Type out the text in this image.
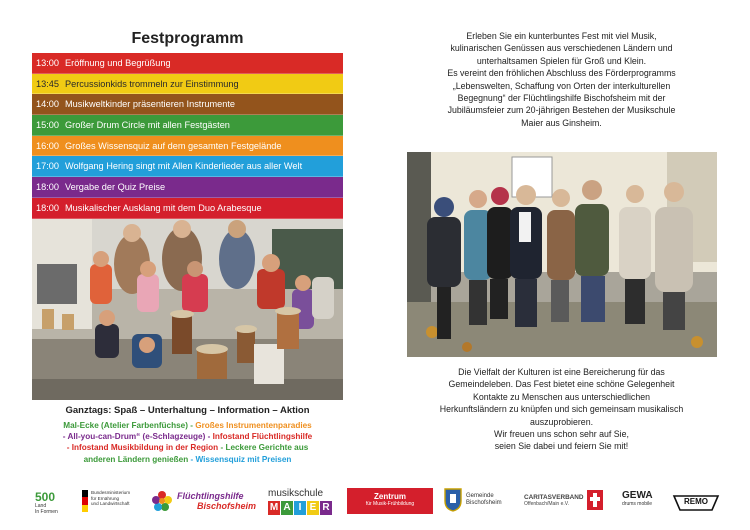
Festprogramm
13:00 Eröffnung und Begrüßung
13:45 Percussionkids trommeln zur Einstimmung
14:00 Musikweltkinder präsentieren Instrumente
15:00 Großer Drum Circle mit allen Festgästen
16:00 Großes Wissensquiz auf dem gesamten Festgelände
17:00 Wolfgang Hering singt mit Allen Kinderlieder aus aller Welt
18:00 Vergabe der Quiz Preise
18:00 Musikalischer Ausklang mit dem Duo Arabesque
Ganztags: Spaß – Unterhaltung – Information – Aktion
Mal-Ecke (Atelier Farbenfüchse) - Großes Instrumentenparadies
- All-you-can-Drum“ (e-Schlagzeuge) - Infostand Flüchtlingshilfe
- Infostand Musikbildung in der Region - Leckere Gerichte aus
anderen Ländern genießen - Wissensquiz mit Preisen
Erleben Sie ein kunterbuntes Fest mit viel Musik,
kulinarischen Genüssen aus verschiedenen Ländern und
unterhaltsamen Spielen für Groß und Klein.
Es vereint den fröhlichen Abschluss des Förderprogramms
„Lebenswelten, Schaffung von Orten der interkulturellen
Begegnung“ der Flüchtlingshilfe Bischofsheim mit der
Jubiläumsfeier zum 20-jährigen Bestehen der Musikschule
Maier aus Ginsheim.
Die Vielfalt der Kulturen ist eine Bereicherung für das
Gemeindeleben. Das Fest bietet eine schöne Gelegenheit
Kontakte zu Menschen aus unterschiedlichen
Herkunftsländern zu knüpfen und sich gemeinsam musikalisch
auszuprobieren.
Wir freuen uns schon sehr auf Sie,
seien Sie dabei und feiern Sie mit!
500
Land
In Formen
Bundesministerium
für Ernährung
und Landwirtschaft
Flüchtlingshilfe
Bischofsheim
musikschule
M A I E R
Zentrum
für Musik-Frühbildung
Gemeinde
Bischofsheim
CARITASVERBAND
Offenbach/Main e.V.
GEWA
drums mobile	REMO
